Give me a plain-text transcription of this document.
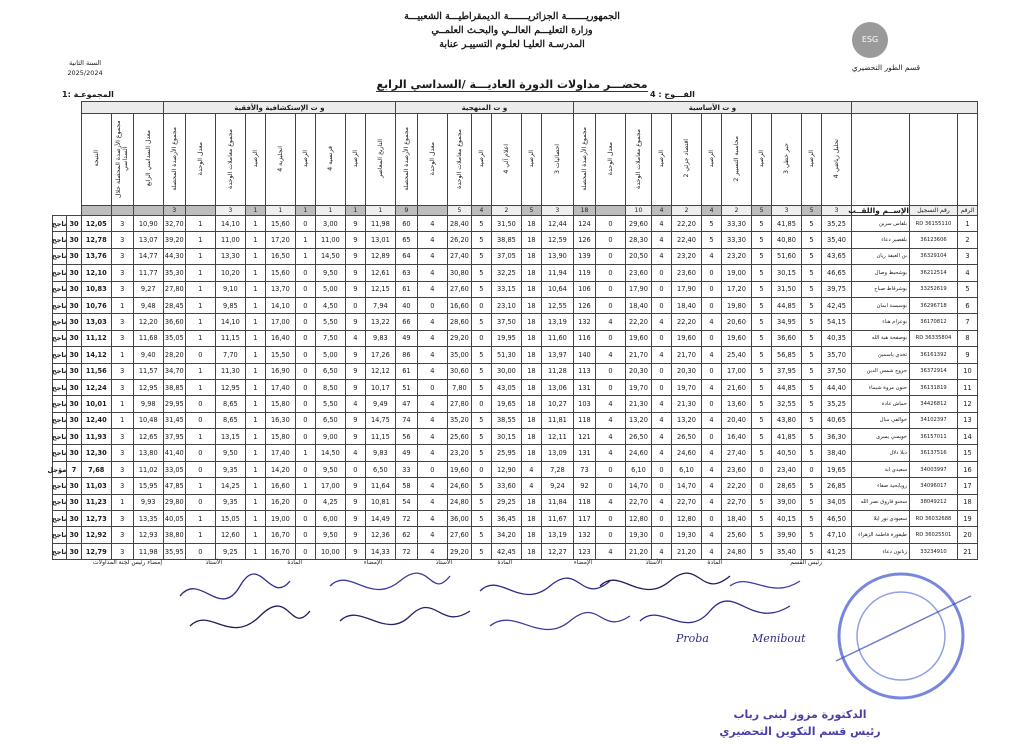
الجمهوريـــــــة الجزائريـــــــة الديمقراطيـــة الشعبيـــة
وزارة التعليـــم العالــي والبحـث العلمــي
المدرسـة العليـا لعلـوم التسييـر عنابة	ESG
قسم الطور التحضيري
السنة الثانية
2025/2024
محضـــر مداولات الدورة العاديـــة /السداسي الرابع
الفـــوج : 4
المجموعـة :1
			و ت الأساسية											و ت المنهجية							و ت الإستكشافية والأفقية													
			تحليل رياضي 4	الرصيد	جبر خطي 3	الرصيد	محاسبة التسيير 2	الرصيد	اقتصاد جزئي 2	الرصيد	مجموع معاملات الوحدة	معدل الوحدة	مجموع الأرصدة المحصلة	احصائيات 3	الرصيد	اعلام آلي 4	الرصيد	مجموع معاملات الوحدة	معدل الوحدة	مجموع الأرصدة المحصلة	التاريخ المعاصر	الرصيد	فرنسية 4	الرصيد	انجليزية 4	الرصيد	مجموع معاملات الوحدة	معدل الوحدة	مجموع الأرصدة المحصلة	معدل السداسي الرابع	مجموع الأرصدة المحصلة خلال السداسي	النتيجة		
الرقم	رقم التسجيل	الإســم واللقــب	3	5	3	5	2	4	2	4	10		18	3	5	2	4	5		9	1	1	1	1	1	1	3		3					
1	36155110 RD	بلقاس سرين	35,25	5	41,85	5	33,30	5	22,20	4	29,60	0	124	12,44	18	31,50	5	28,40	4	60	11,98	9	3,00	0	15,60	1	14,10	1	32,70	10,90	3	12,05	30	ناجح
2	36123606	بلقصير دعاء	35,40	5	40,80	5	33,30	5	22,40	4	28,30	0	126	12,59	18	38,85	5	26,20	4	65	13,01	9	11,00	1	17,20	1	11,00	1	39,20	13,07	3	12,78	30	ناجح
3	36329104	بن العيفة ريان	43,65	5	51,60	5	23,20	4	23,20	4	20,50	0	139	13,90	18	37,05	5	27,40	4	64	12,89	9	14,50	1	16,50	1	13,30	1	44,30	14,77	3	13,76	30	ناجح
4	36212514	بوشحيط وصال	46,65	5	30,15	5	19,00	0	23,60	0	23,60	0	119	11,94	18	32,25	5	30,80	4	63	12,61	9	9,50	0	15,60	1	10,20	1	35,30	11,77	3	12,10	30	ناجح
5	33252619	بوشرقاط صباح	39,75	5	31,50	5	17,20	0	17,90	0	17,90	0	106	10,64	18	33,15	5	27,60	4	61	12,15	9	5,00	0	13,70	1	9,10	1	27,80	9,27	3	10,83	30	ناجح
6	36296718	بوسيسة ايمان	42,45	5	44,85	5	19,80	0	18,40	0	18,40	0	126	12,55	18	23,10	0	16,60	0	40	7,94	0	4,50	0	14,10	1	9,85	1	28,45	9,48	1	10,76	30	ناجح
7	36170812	بوعزام هناء	54,15	5	34,95	5	20,60	4	22,20	4	22,20	4	132	13,19	18	37,50	5	28,60	4	66	13,22	9	5,50	0	17,00	1	14,10	1	36,60	12,20	3	13,03	30	ناجح
8	36335804 RD	بوصفحة هبة الله	40,35	5	36,60	5	19,60	0	19,60	0	19,60	0	116	11,60	18	19,95	0	29,20	4	49	9,83	4	7,50	0	16,40	1	11,15	1	35,05	11,68	3	11,12	30	ناجح
9	36161392	تخدي ياسمين	35,70	5	56,85	5	25,40	4	21,70	4	21,70	4	140	13,97	18	51,30	5	35,00	4	86	17,26	9	5,00	0	15,50	1	7,70	0	28,20	9,40	1	14,12	30	ناجح
10	36372914	جروج شمس الدين	37,50	5	37,95	5	17,00	0	20,30	0	20,30	0	113	11,28	18	30,00	5	30,60	4	61	12,12	9	6,50	0	16,90	1	11,30	1	34,70	11,57	3	11,56	30	ناجح
11	36131819	حنون مروة شيماء	44,40	5	44,85	5	21,60	4	19,70	0	19,70	0	131	13,06	18	43,05	5	7,80	0	51	10,17	9	8,50	0	17,40	1	12,95	1	38,85	12,95	3	12,24	30	ناجح
12	34426812	حماش غادة	35,25	5	32,55	5	13,60	0	21,30	4	21,30	4	103	10,27	18	19,65	0	27,80	4	47	9,49	4	5,50	0	15,80	1	8,65	0	29,95	9,98	1	10,01	30	ناجح
13	34102397	خوالفي منال	40,65	5	43,80	5	20,40	4	13,20	4	13,20	4	118	11,81	18	38,55	5	35,20	4	74	14,75	9	6,50	0	16,30	1	8,65	0	31,45	10,48	1	12,40	30	ناجح
14	36157011	خويسي يسرى	36,30	5	41,85	5	16,40	0	26,50	4	26,50	4	121	12,11	18	30,15	5	25,60	4	56	11,15	9	9,00	0	15,80	1	13,15	1	37,95	12,65	3	11,93	30	ناجح
15	36137516	ديلا دلال	38,40	5	40,50	5	27,40	4	24,60	4	24,60	4	131	13,09	18	25,95	5	23,20	4	49	9,83	4	14,50	1	17,40	1	9,50	0	41,40	13,80	3	12,30	30	ناجح
16	34003997	سعيدي ابة	19,65	0	23,40	0	23,60	4	6,10	0	6,10	0	73	7,28	4	12,90	0	19,60	0	33	6,50	0	9,50	0	14,20	1	9,35	0	33,05	11,02	3	7,68	7	مؤجل
17	34096017	رويابحية صفاء	26,85	5	28,65	0	22,20	4	14,70	0	14,70	0	92	9,24	4	33,60	5	24,60	4	58	11,64	9	17,00	1	16,60	1	14,25	1	47,85	15,95	3	11,03	30	ناجح
18	38049212	سحنو فاروق نصر الله	34,05	5	39,00	5	22,70	4	22,70	4	22,70	4	118	11,84	18	29,25	5	24,80	4	54	10,81	9	4,25	0	16,20	1	9,35	0	29,80	9,93	1	11,23	30	ناجح
19	36032688 RD	سعيودي نور ايلا	46,50	5	40,15	5	18,40	0	12,80	0	12,80	0	117	11,67	18	36,45	5	36,00	4	72	14,49	9	6,00	0	19,00	1	15,05	1	40,05	13,35	3	12,73	30	ناجح
20	36025501 RD	طيفورة فاطمة الزهراء	47,10	5	39,90	5	25,60	4	19,30	0	19,30	0	132	13,19	18	34,20	5	27,60	4	62	12,36	9	9,50	0	16,70	1	12,60	1	38,80	12,93	3	12,92	30	ناجح
21	33234910	زناتون دعاء	41,25	5	35,40	5	24,80	4	21,20	4	21,20	4	123	12,27	18	42,45	5	29,20	4	72	14,33	9	10,00	0	16,70	1	9,25	0	35,95	11,98	3	12,79	30	ناجح
رئيس القسم
المادة
الأستاذ
الإمضاء
المادة
الأستاذ
الإمضاء
المادة
الأستاذ
إمضاء رئيس لجنة المداولات
Proba	Menibout
الدكتورة مزوز لبنى رباب
رئيس قسم التكوين التحضيري
